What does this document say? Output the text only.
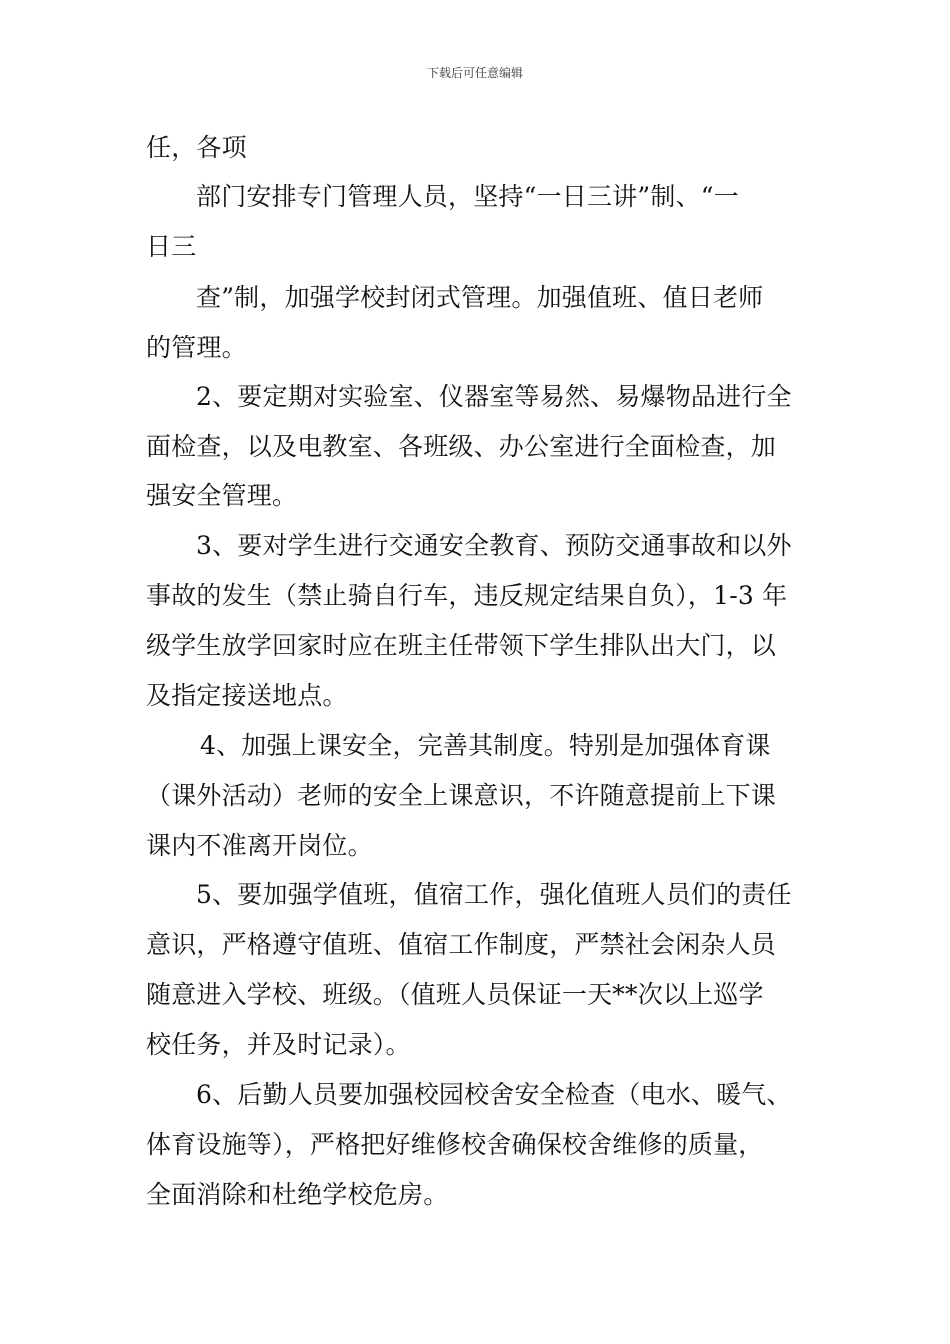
下载后可任意编辑
任，各项
部门安排专门管理人员，坚持“一日三讲”制、“一
日三
查”制，加强学校封闭式管理。加强值班、值日老师
的管理。
2、要定期对实验室、仪器室等易然、易爆物品进行全
面检查，以及电教室、各班级、办公室进行全面检查，加
强安全管理。
3、要对学生进行交通安全教育、预防交通事故和以外
事故的发生（禁止骑自行车，违反规定结果自负），1-3 年
级学生放学回家时应在班主任带领下学生排队出大门，以
及指定接送地点。
4、加强上课安全，完善其制度。特别是加强体育课
（课外活动）老师的安全上课意识，不许随意提前上下课
课内不准离开岗位。
5、要加强学值班，值宿工作，强化值班人员们的责任
意识，严格遵守值班、值宿工作制度，严禁社会闲杂人员
随意进入学校、班级。（值班人员保证一天**次以上巡学
校任务，并及时记录）。
6、后勤人员要加强校园校舍安全检查（电水、暖气、
体育设施等），严格把好维修校舍确保校舍维修的质量，
全面消除和杜绝学校危房。
